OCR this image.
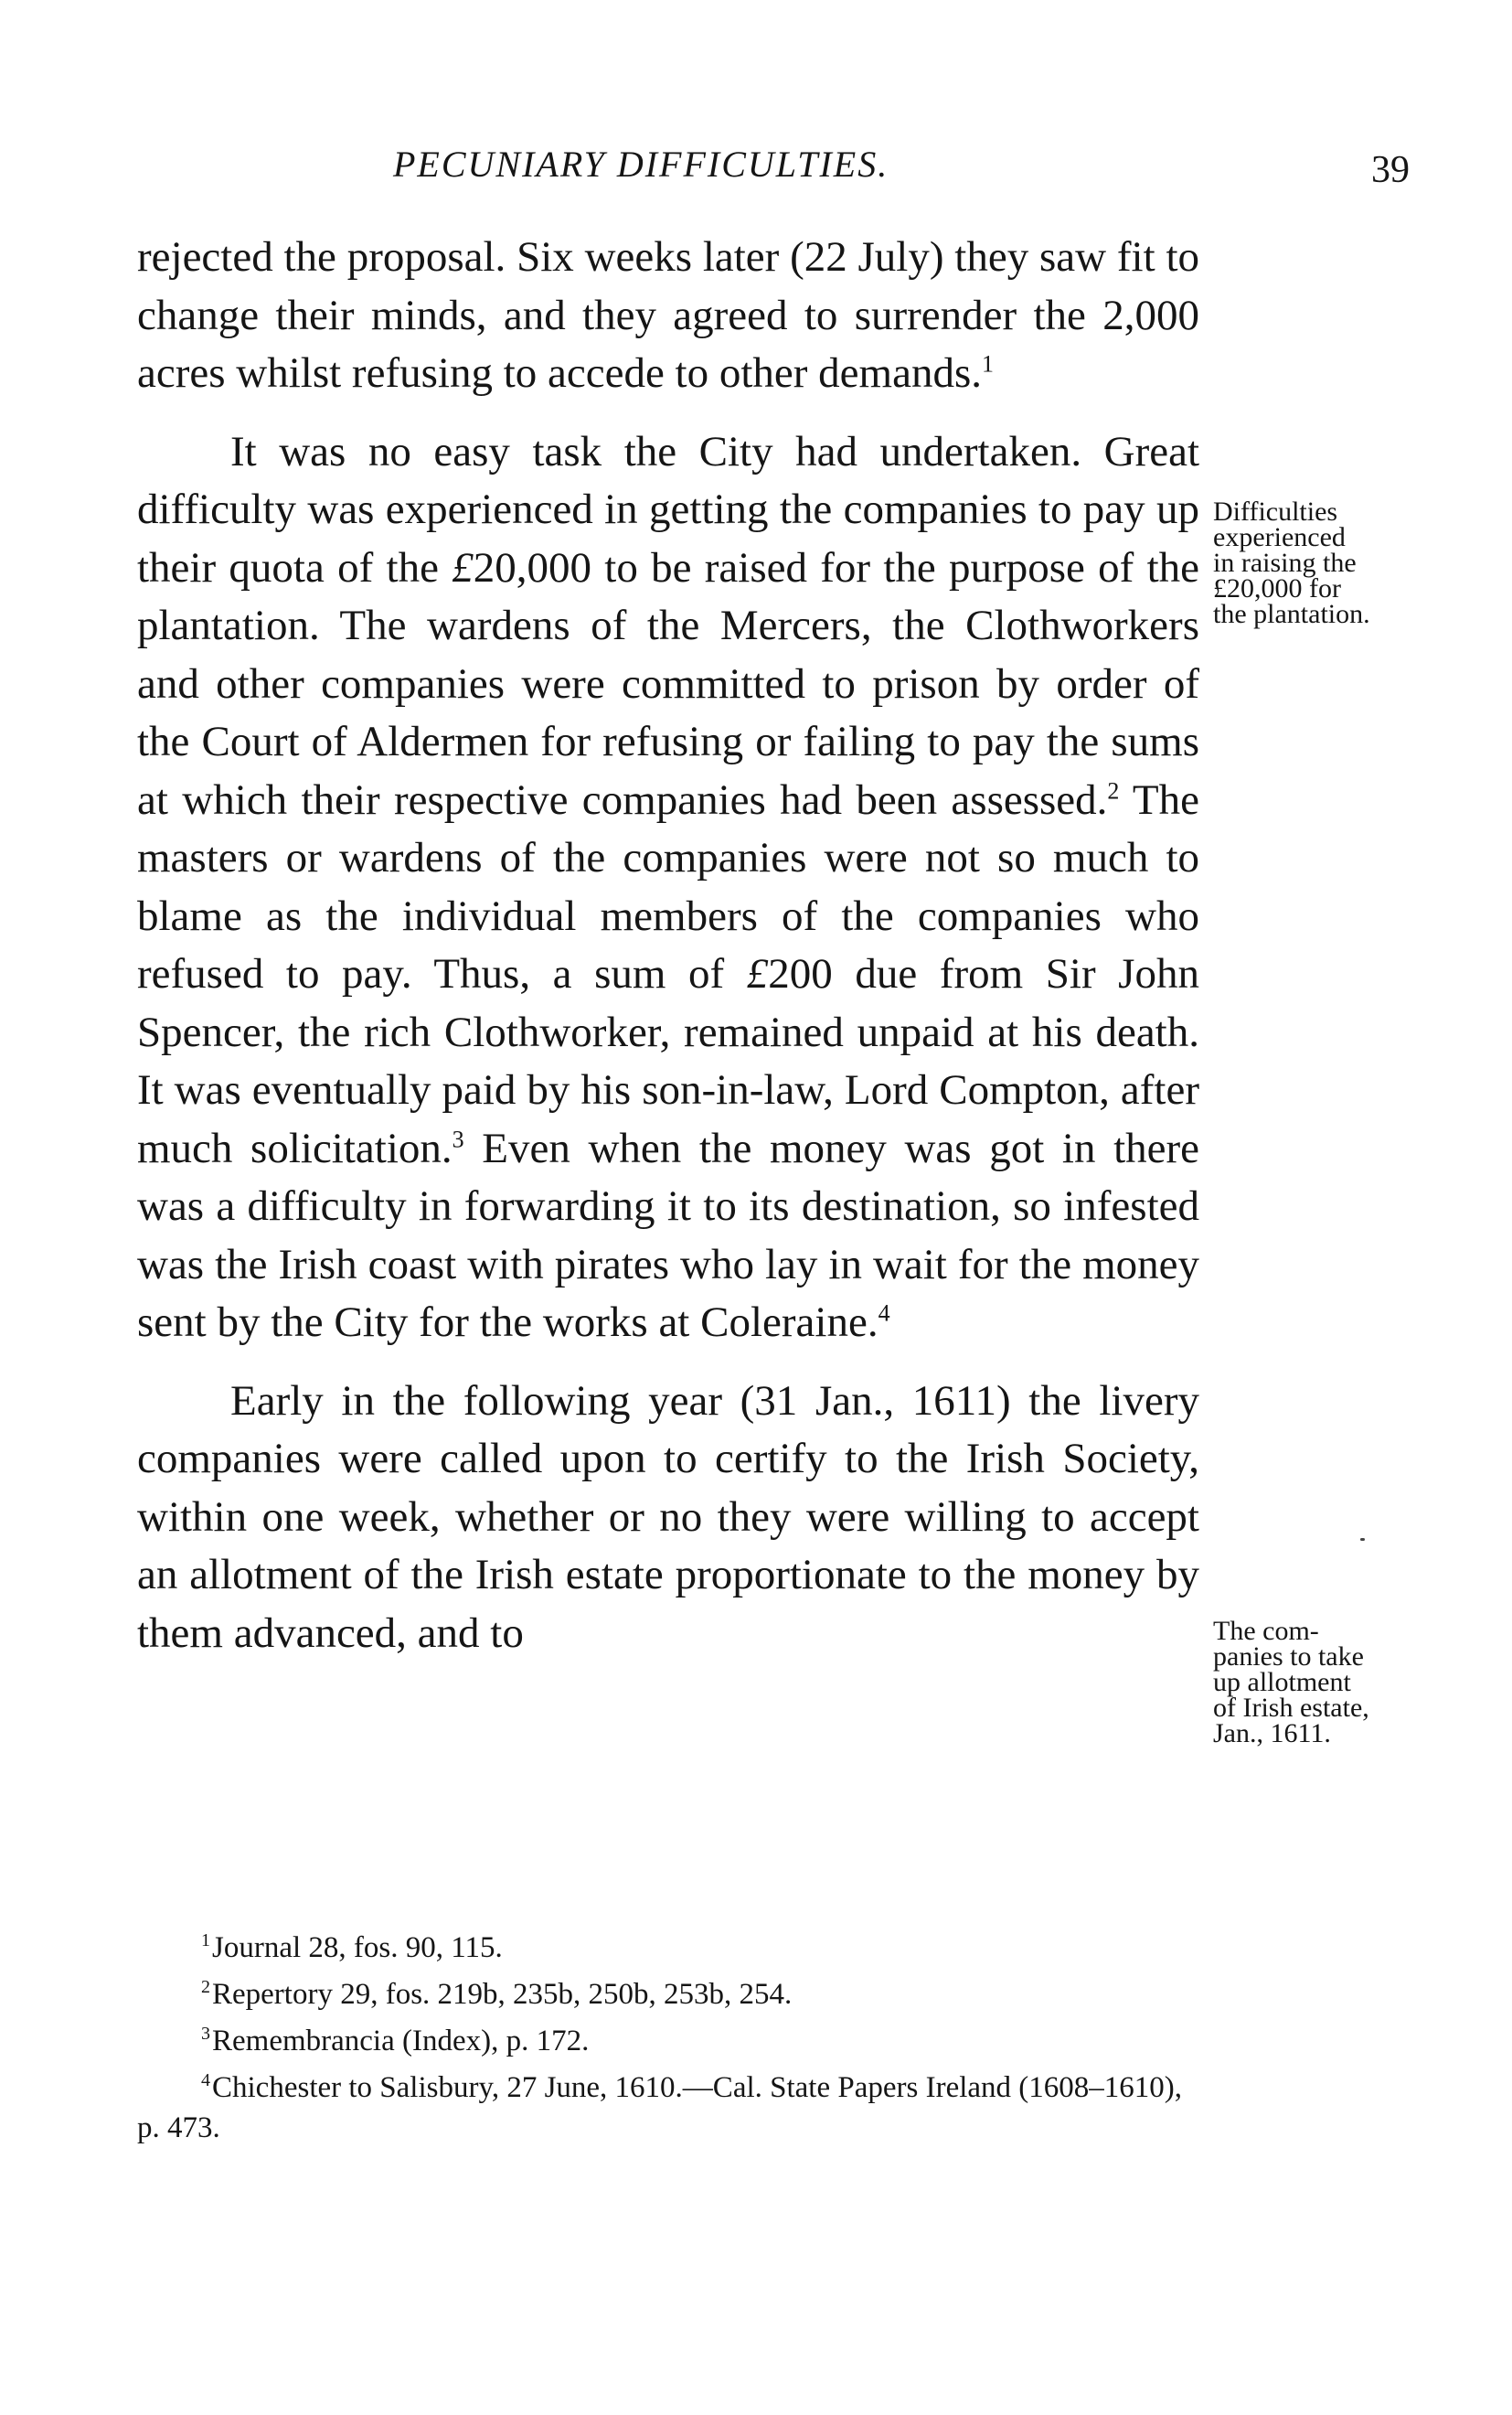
PECUNIARY DIFFICULTIES.	39

rejected the proposal. Six weeks later (22 July) they saw fit to change their minds, and they agreed to surrender the 2,000 acres whilst refusing to accede to other demands.$^1$

It was no easy task the City had undertaken. Great difficulty was experienced in getting the companies to pay up their quota of the £20,000 to be raised for the purpose of the plantation. The wardens of the Mercers, the Clothworkers and other companies were committed to prison by order of the Court of Aldermen for refusing or failing to pay the sums at which their respective companies had been assessed.$^2$ The masters or wardens of the companies were not so much to blame as the individual members of the companies who refused to pay. Thus, a sum of £200 due from Sir John Spencer, the rich Clothworker, remained unpaid at his death. It was eventually paid by his son-in-law, Lord Compton, after much solicitation.$^3$ Even when the money was got in there was a difficulty in forwarding it to its destination, so infested was the Irish coast with pirates who lay in wait for the money sent by the City for the works at Coleraine.$^4$

Early in the following year (31 Jan., 1611) the livery companies were called upon to certify to the Irish Society, within one week, whether or no they were willing to accept an allotment of the Irish estate proportionate to the money by them advanced, and to

Difficulties
experienced
in raising the
£20,000 for
the plantation.
The com-
panies to take
up allotment
of Irish estate,
Jan., 1611.

$^1$Journal 28, fos. 90, 115.

$^2$Repertory 29, fos. 219b, 235b, 250b, 253b, 254.

$^3$Remembrancia (Index), p. 172.

$^4$Chichester to Salisbury, 27 June, 1610.—Cal. State Papers Ireland (1608–1610), p. 473.
